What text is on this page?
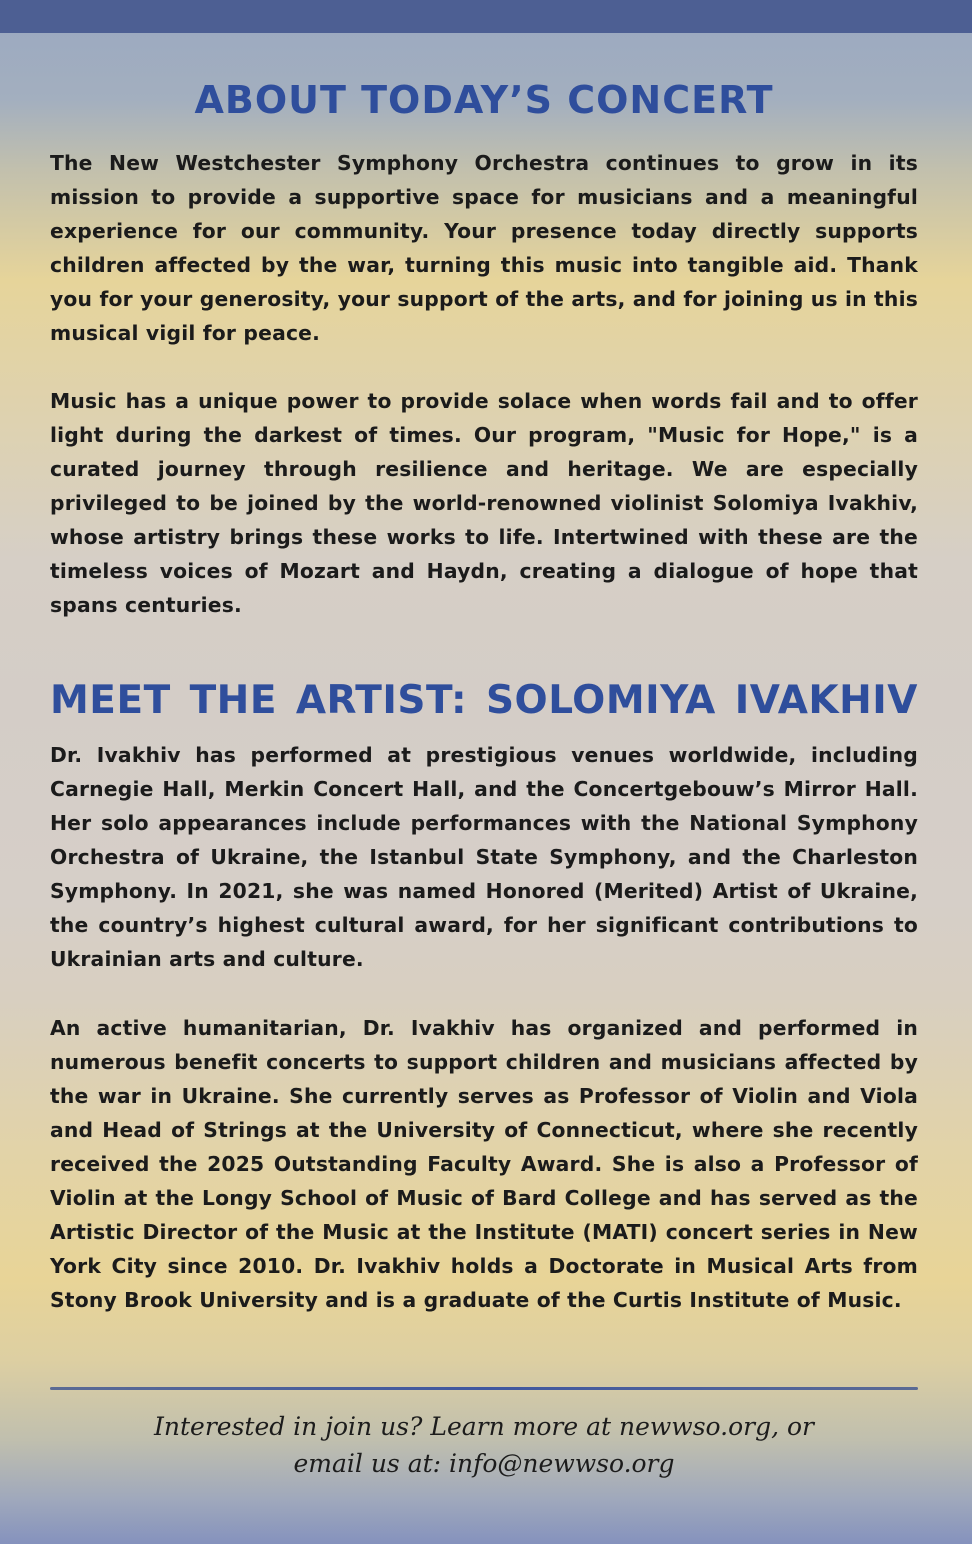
ABOUT TODAY’S CONCERT

The New Westchester Symphony Orchestra continues to grow in its mission to provide a supportive space for musicians and a meaningful experience for our community. Your presence today directly supports children affected by the war, turning this music into tangible aid. Thank you for your generosity, your support of the arts, and for joining us in this musical vigil for peace.

Music has a unique power to provide solace when words fail and to offer light during the darkest of times. Our program, "Music for Hope," is a curated journey through resilience and heritage. We are especially privileged to be joined by the world-renowned violinist Solomiya Ivakhiv, whose artistry brings these works to life. Intertwined with these are the timeless voices of Mozart and Haydn, creating a dialogue of hope that spans centuries.

MEET THE ARTIST: SOLOMIYA IVAKHIV

Dr. Ivakhiv has performed at prestigious venues worldwide, including Carnegie Hall, Merkin Concert Hall, and the Concertgebouw’s Mirror Hall. Her solo appearances include performances with the National Symphony Orchestra of Ukraine, the Istanbul State Symphony, and the Charleston Symphony. In 2021, she was named Honored (Merited) Artist of Ukraine, the country’s highest cultural award, for her significant contributions to Ukrainian arts and culture.

An active humanitarian, Dr. Ivakhiv has organized and performed in numerous benefit concerts to support children and musicians affected by the war in Ukraine. She currently serves as Professor of Violin and Viola and Head of Strings at the University of Connecticut, where she recently received the 2025 Outstanding Faculty Award. She is also a Professor of Violin at the Longy School of Music of Bard College and has served as the Artistic Director of the Music at the Institute (MATI) concert series in New York City since 2010. Dr. Ivakhiv holds a Doctorate in Musical Arts from Stony Brook University and is a graduate of the Curtis Institute of Music.

Interested in join us? Learn more at newwso.org, or
email us at: info@newwso.org
